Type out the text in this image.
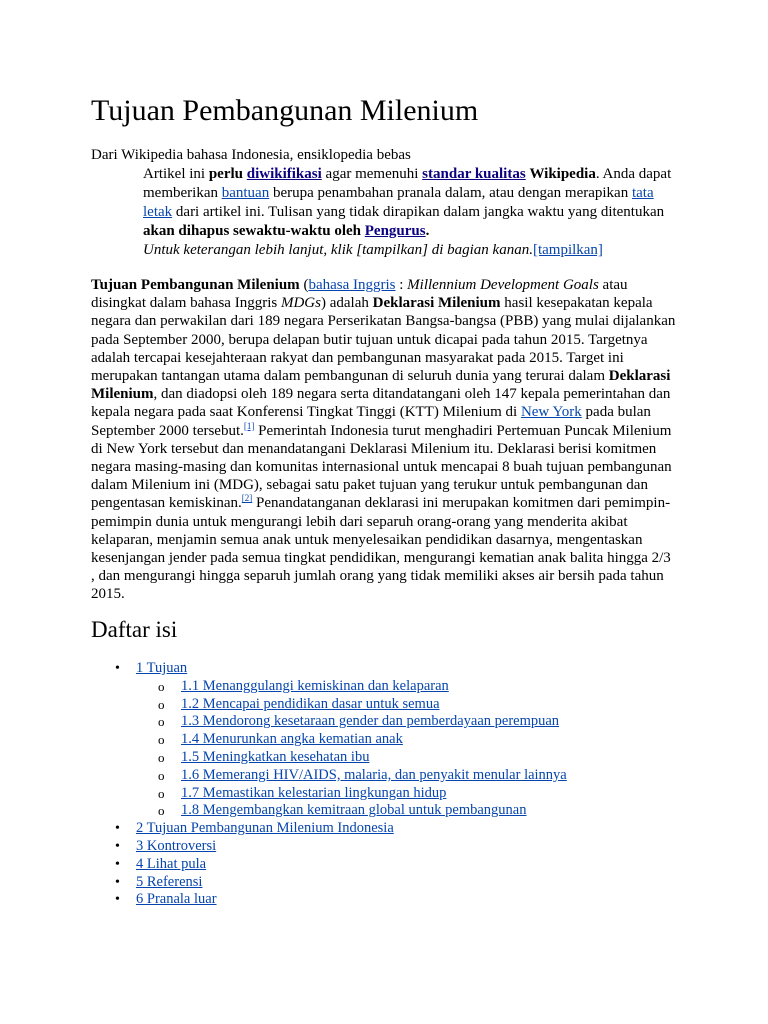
Tujuan Pembangunan Milenium
Dari Wikipedia bahasa Indonesia, ensiklopedia bebas
Artikel ini perlu diwikifikasi agar memenuhi standar kualitas Wikipedia. Anda dapat
memberikan bantuan berupa penambahan pranala dalam, atau dengan merapikan tata
letak dari artikel ini. Tulisan yang tidak dirapikan dalam jangka waktu yang ditentukan
akan dihapus sewaktu-waktu oleh Pengurus.
Untuk keterangan lebih lanjut, klik [tampilkan] di bagian kanan.[tampilkan]
Tujuan Pembangunan Milenium (bahasa Inggris : Millennium Development Goals atau
disingkat dalam bahasa Inggris MDGs) adalah Deklarasi Milenium hasil kesepakatan kepala
negara dan perwakilan dari 189 negara Perserikatan Bangsa-bangsa (PBB) yang mulai dijalankan
pada September 2000, berupa delapan butir tujuan untuk dicapai pada tahun 2015. Targetnya
adalah tercapai kesejahteraan rakyat dan pembangunan masyarakat pada 2015. Target ini
merupakan tantangan utama dalam pembangunan di seluruh dunia yang terurai dalam Deklarasi
Milenium, dan diadopsi oleh 189 negara serta ditandatangani oleh 147 kepala pemerintahan dan
kepala negara pada saat Konferensi Tingkat Tinggi (KTT) Milenium di New York pada bulan
September 2000 tersebut.[1] Pemerintah Indonesia turut menghadiri Pertemuan Puncak Milenium
di New York tersebut dan menandatangani Deklarasi Milenium itu. Deklarasi berisi komitmen
negara masing-masing dan komunitas internasional untuk mencapai 8 buah tujuan pembangunan
dalam Milenium ini (MDG), sebagai satu paket tujuan yang terukur untuk pembangunan dan
pengentasan kemiskinan.[2] Penandatanganan deklarasi ini merupakan komitmen dari pemimpin-
pemimpin dunia untuk mengurangi lebih dari separuh orang-orang yang menderita akibat
kelaparan, menjamin semua anak untuk menyelesaikan pendidikan dasarnya, mengentaskan
kesenjangan jender pada semua tingkat pendidikan, mengurangi kematian anak balita hingga 2/3
, dan mengurangi hingga separuh jumlah orang yang tidak memiliki akses air bersih pada tahun
2015.
Daftar isi
• 1 Tujuan
o 1.1 Menanggulangi kemiskinan dan kelaparan
o 1.2 Mencapai pendidikan dasar untuk semua
o 1.3 Mendorong kesetaraan gender dan pemberdayaan perempuan
o 1.4 Menurunkan angka kematian anak
o 1.5 Meningkatkan kesehatan ibu
o 1.6 Memerangi HIV/AIDS, malaria, dan penyakit menular lainnya
o 1.7 Memastikan kelestarian lingkungan hidup
o 1.8 Mengembangkan kemitraan global untuk pembangunan
• 2 Tujuan Pembangunan Milenium Indonesia
• 3 Kontroversi
• 4 Lihat pula
• 5 Referensi
• 6 Pranala luar
